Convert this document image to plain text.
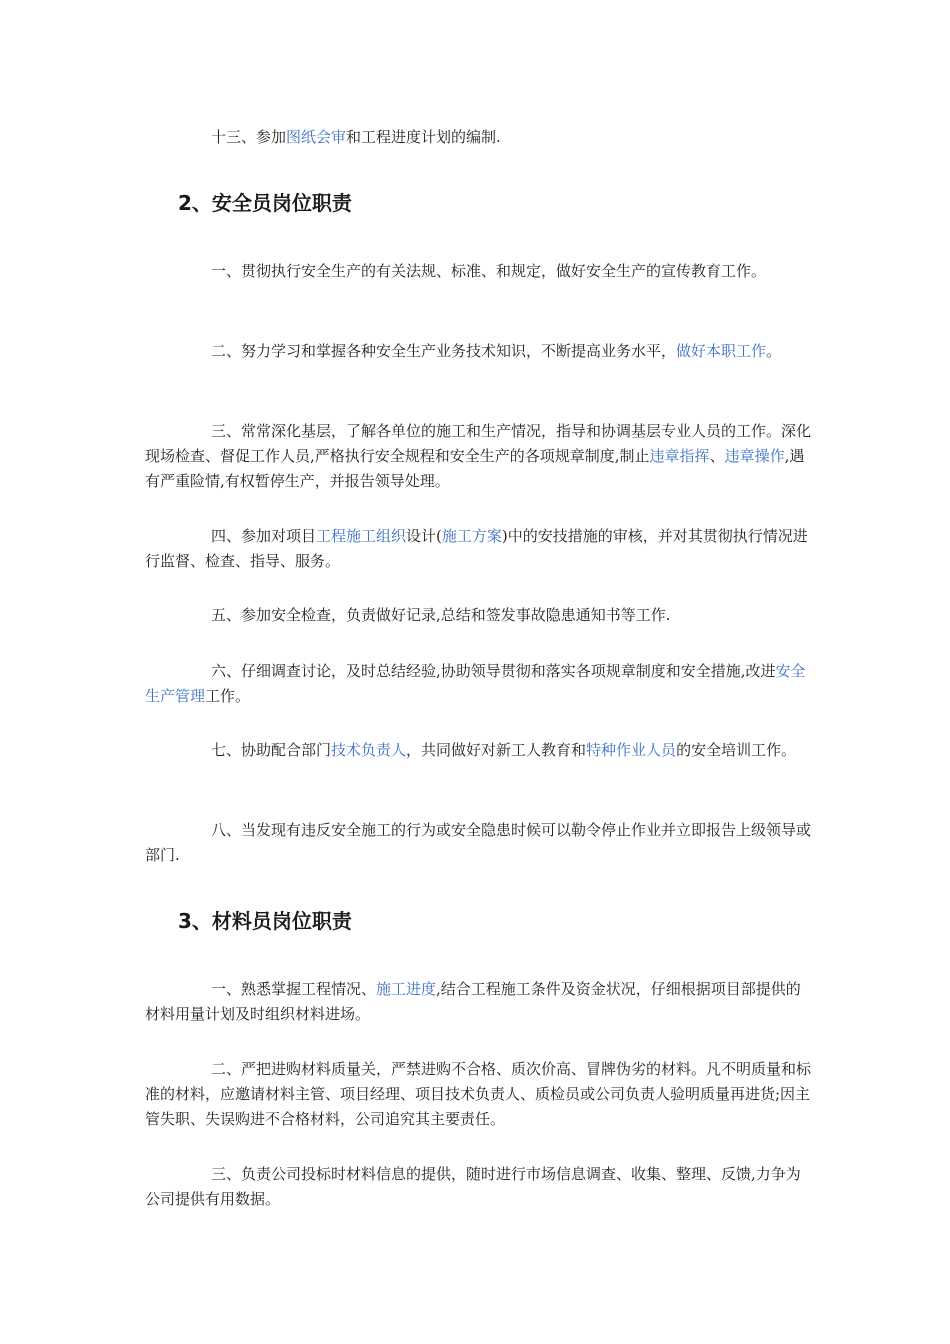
十三、参加图纸会审和工程进度计划的编制.

2、安全员岗位职责

一、贯彻执行安全生产的有关法规、标准、和规定，做好安全生产的宣传教育工作。

二、努力学习和掌握各种安全生产业务技术知识，不断提高业务水平，做好本职工作。

三、常常深化基层，了解各单位的施工和生产情况，指导和协调基层专业人员的工作。深化现场检查、督促工作人员,严格执行安全规程和安全生产的各项规章制度,制止违章指挥、违章操作,遇有严重险情,有权暂停生产，并报告领导处理。

四、参加对项目工程施工组织设计(施工方案)中的安技措施的审核，并对其贯彻执行情况进行监督、检查、指导、服务。

五、参加安全检查，负责做好记录,总结和签发事故隐患通知书等工作.

六、仔细调查讨论，及时总结经验,协助领导贯彻和落实各项规章制度和安全措施,改进安全生产管理工作。

七、协助配合部门技术负责人，共同做好对新工人教育和特种作业人员的安全培训工作。

八、当发现有违反安全施工的行为或安全隐患时候可以勒令停止作业并立即报告上级领导或部门.

3、材料员岗位职责

一、熟悉掌握工程情况、施工进度,结合工程施工条件及资金状况，仔细根据项目部提供的材料用量计划及时组织材料进场。

二、严把进购材料质量关，严禁进购不合格、质次价高、冒牌伪劣的材料。凡不明质量和标准的材料，应邀请材料主管、项目经理、项目技术负责人、质检员或公司负责人验明质量再进货;因主管失职、失误购进不合格材料，公司追究其主要责任。

三、负责公司投标时材料信息的提供，随时进行市场信息调查、收集、整理、反馈,力争为公司提供有用数据。
